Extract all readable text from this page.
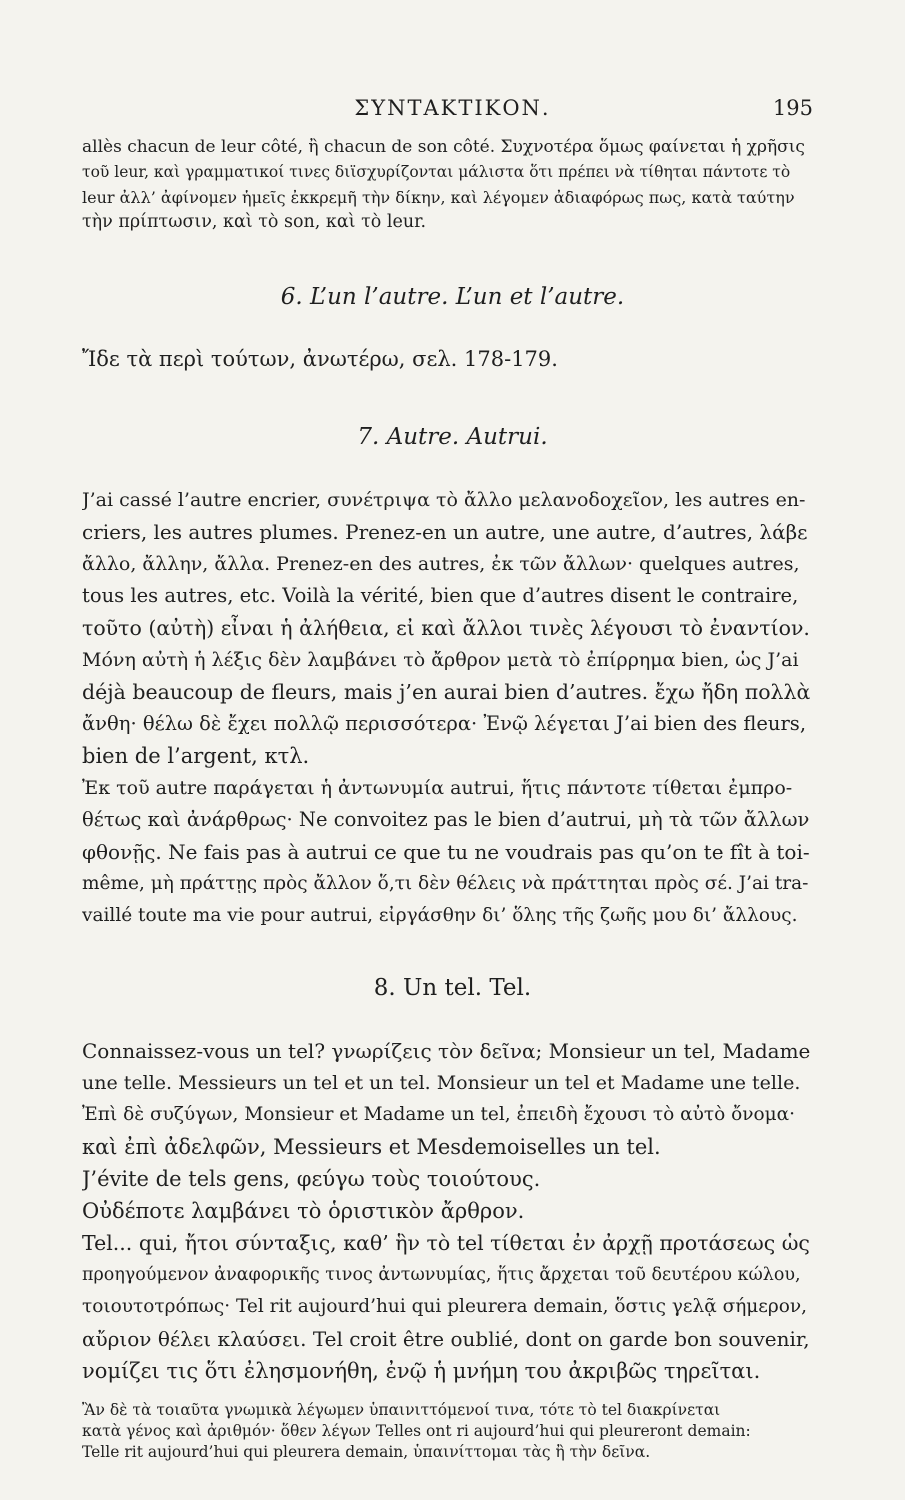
ΣΥΝΤΑΚΤΙΚΟΝ.	195
allès chacun de leur côté, ἢ chacun de son côté. Συχνοτέρα ὅμως φαίνεται ἡ χρῆσις
τοῦ leur, καὶ γραμματικοί τινες διϊσχυρίζονται μάλιστα ὅτι πρέπει νὰ τίθηται πάντοτε τὸ
leur ἀλλ’ ἀφίνομεν ἡμεῖς ἐκκρεμῆ τὴν δίκην, καὶ λέγομεν ἀδιαφόρως πως, κατὰ ταύτην
τὴν πρίπτωσιν, καὶ τὸ son, καὶ τὸ leur.
6. L’un l’autre. L’un et l’autre.
Ἴδε τὰ περὶ τούτων, ἀνωτέρω, σελ. 178-179.
7. Autre. Autrui.
J’ai cassé l’autre encrier, συνέτριψα τὸ ἄλλο μελανοδοχεῖον, les autres en-
criers, les autres plumes. Prenez-en un autre, une autre, d’autres, λάβε
ἄλλο, ἄλλην, ἄλλα. Prenez-en des autres, ἐκ τῶν ἄλλων· quelques autres,
tous les autres, etc. Voilà la vérité, bien que d’autres disent le contraire,
τοῦτο (αὐτὴ) εἶναι ἡ ἀλήθεια, εἰ καὶ ἄλλοι τινὲς λέγουσι τὸ ἐναντίον.
Μόνη αὐτὴ ἡ λέξις δὲν λαμβάνει τὸ ἄρθρον μετὰ τὸ ἐπίρρημα bien, ὡς J’ai
déjà beaucoup de fleurs, mais j’en aurai bien d’autres. ἔχω ἤδη πολλὰ
ἄνθη· θέλω δὲ ἔχει πολλῷ περισσότερα· Ἐνῷ λέγεται J’ai bien des fleurs,
bien de l’argent, κτλ.
Ἐκ τοῦ autre παράγεται ἡ ἀντωνυμία autrui, ἥτις πάντοτε τίθεται ἐμπρο-
θέτως καὶ ἀνάρθρως· Ne convoitez pas le bien d’autrui, μὴ τὰ τῶν ἄλλων
φθονῇς. Ne fais pas à autrui ce que tu ne voudrais pas qu’on te fît à toi-
même, μὴ πράττῃς πρὸς ἄλλον ὅ,τι δὲν θέλεις νὰ πράττηται πρὸς σέ. J’ai tra-
vaillé toute ma vie pour autrui, εἰργάσθην δι’ ὅλης τῆς ζωῆς μου δι’ ἄλλους.
8. Un tel. Tel.
Connaissez-vous un tel? γνωρίζεις τὸν δεῖνα; Monsieur un tel, Madame
une telle. Messieurs un tel et un tel. Monsieur un tel et Madame une telle.
Ἐπὶ δὲ συζύγων, Monsieur et Madame un tel, ἐπειδὴ ἔχουσι τὸ αὐτὸ ὄνομα·
καὶ ἐπὶ ἀδελφῶν, Messieurs et Mesdemoiselles un tel.
J’évite de tels gens, φεύγω τοὺς τοιούτους.
Οὐδέποτε λαμβάνει τὸ ὁριστικὸν ἄρθρον.
Tel... qui, ἤτοι σύνταξις, καθ’ ἣν τὸ tel τίθεται ἐν ἀρχῇ προτάσεως ὡς
προηγούμενον ἀναφορικῆς τινος ἀντωνυμίας, ἥτις ἄρχεται τοῦ δευτέρου κώλου,
τοιουτοτρόπως· Tel rit aujourd’hui qui pleurera demain, ὅστις γελᾷ σήμερον,
αὔριον θέλει κλαύσει. Tel croit être oublié, dont on garde bon souvenir,
νομίζει τις ὅτι ἐλησμονήθη, ἐνῷ ἡ μνήμη του ἀκριβῶς τηρεῖται.
Ἂν δὲ τὰ τοιαῦτα γνωμικὰ λέγωμεν ὑπαινιττόμενοί τινα, τότε τὸ tel διακρίνεται
κατὰ γένος καὶ ἀριθμόν· ὅθεν λέγων Telles ont ri aujourd’hui qui pleureront demain:
Telle rit aujourd’hui qui pleurera demain, ὑπαινίττομαι τὰς ἢ τὴν δεῖνα.
